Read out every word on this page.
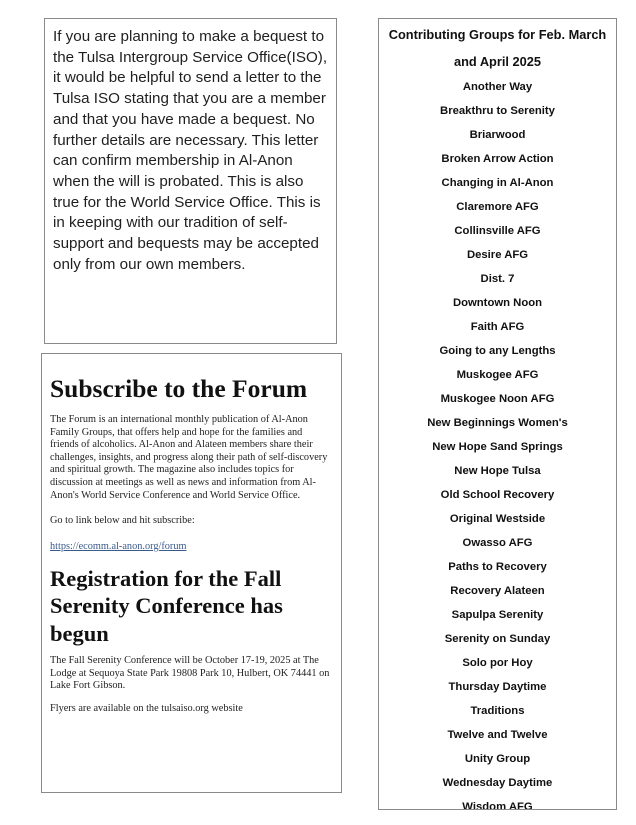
If you are planning to make a bequest to the Tulsa Intergroup Service Office(ISO), it would be helpful to send a letter to the Tulsa ISO stating that you are a member and that you have made a bequest. No further details are necessary. This letter can confirm membership in Al-Anon when the will is probated. This is also true for the World Service Office. This is in keeping with our tradition of self-support and bequests may be accepted only from our own members.

Subscribe to the Forum

The Forum is an international monthly publication of Al-Anon Family Groups, that offers help and hope for the families and friends of alcoholics. Al-Anon and Alateen members share their challenges, insights, and progress along their path of self-discovery and spiritual growth. The magazine also includes topics for discussion at meetings as well as news and information from Al-Anon's World Service Conference and World Service Office.

Go to link below and hit subscribe:

https://ecomm.al-anon.org/forum
Registration for the Fall Serenity Conference has begun

The Fall Serenity Conference will be October 17-19, 2025 at The Lodge at Sequoya State Park 19808 Park 10, Hulbert, OK 74441 on Lake Fort Gibson.

Flyers are available on the tulsaiso.org website

Contributing Groups for Feb. March and April 2025

Another Way
Breakthru to Serenity
Briarwood
Broken Arrow Action
Changing in Al-Anon
Claremore AFG
Collinsville AFG
Desire AFG
Dist. 7
Downtown Noon
Faith AFG
Going to any Lengths
Muskogee AFG
Muskogee Noon AFG
New Beginnings Women's
New Hope Sand Springs
New Hope Tulsa
Old School Recovery
Original Westside
Owasso AFG
Paths to Recovery
Recovery Alateen
Sapulpa Serenity
Serenity on Sunday
Solo por Hoy
Thursday Daytime
Traditions
Twelve and Twelve
Unity Group
Wednesday Daytime
Wisdom AFG
